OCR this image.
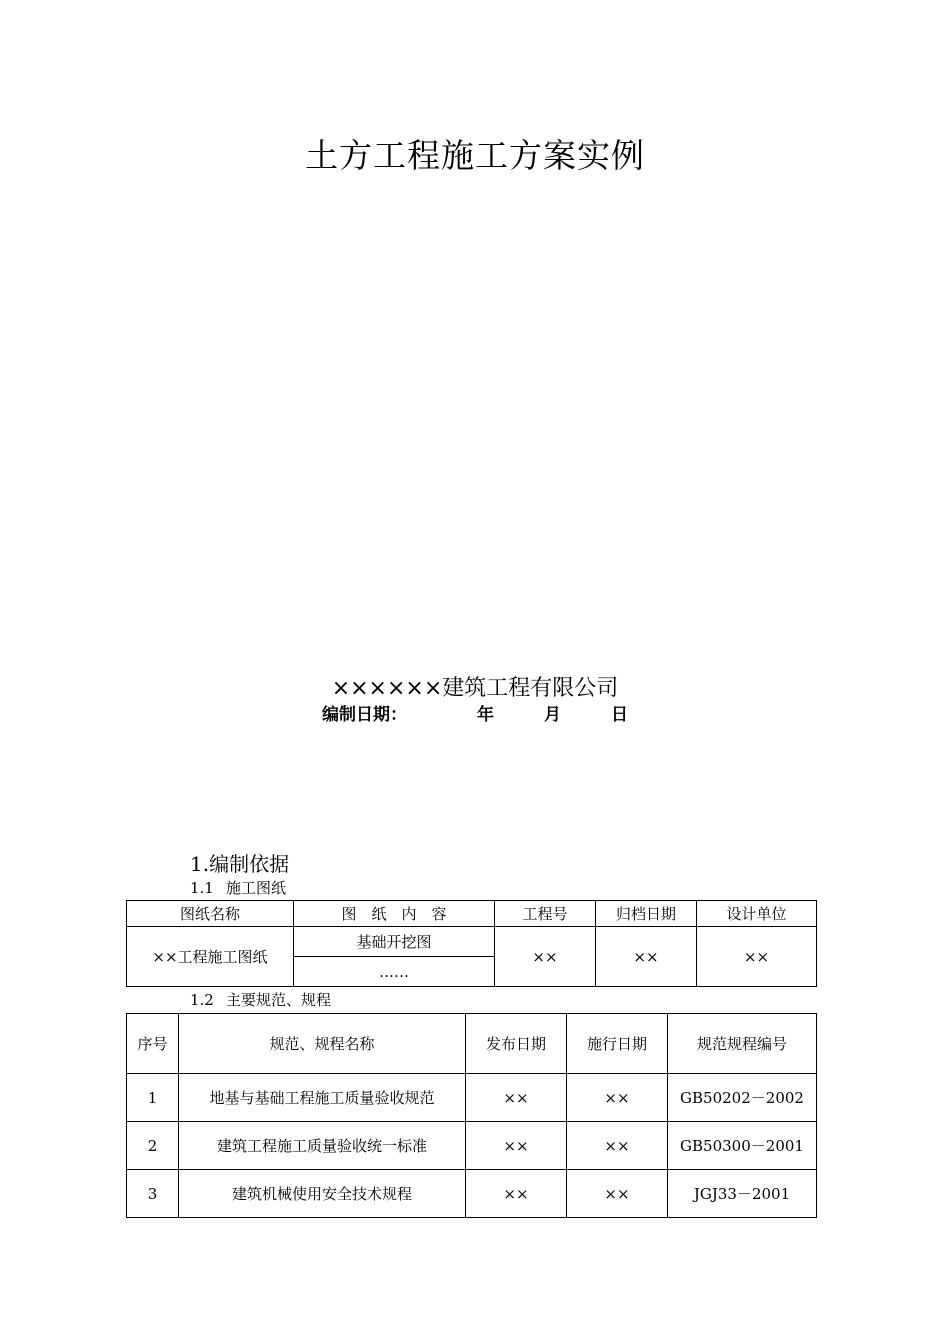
土方工程施工方案实例
××××××建筑工程有限公司
编制日期：	年	月	日
1.编制依据
1.1 施工图纸
图纸名称	图　纸　内　容	工程号	归档日期	设计单位
××工程施工图纸	基础开挖图	××	××	××
	……			
1.2 主要规范、规程
序号	规范、规程名称	发布日期	施行日期	规范规程编号
1	地基与基础工程施工质量验收规范	××	××	GB50202－2002
2	建筑工程施工质量验收统一标准	××	××	GB50300－2001
3	建筑机械使用安全技术规程	××	××	JGJ33－2001
